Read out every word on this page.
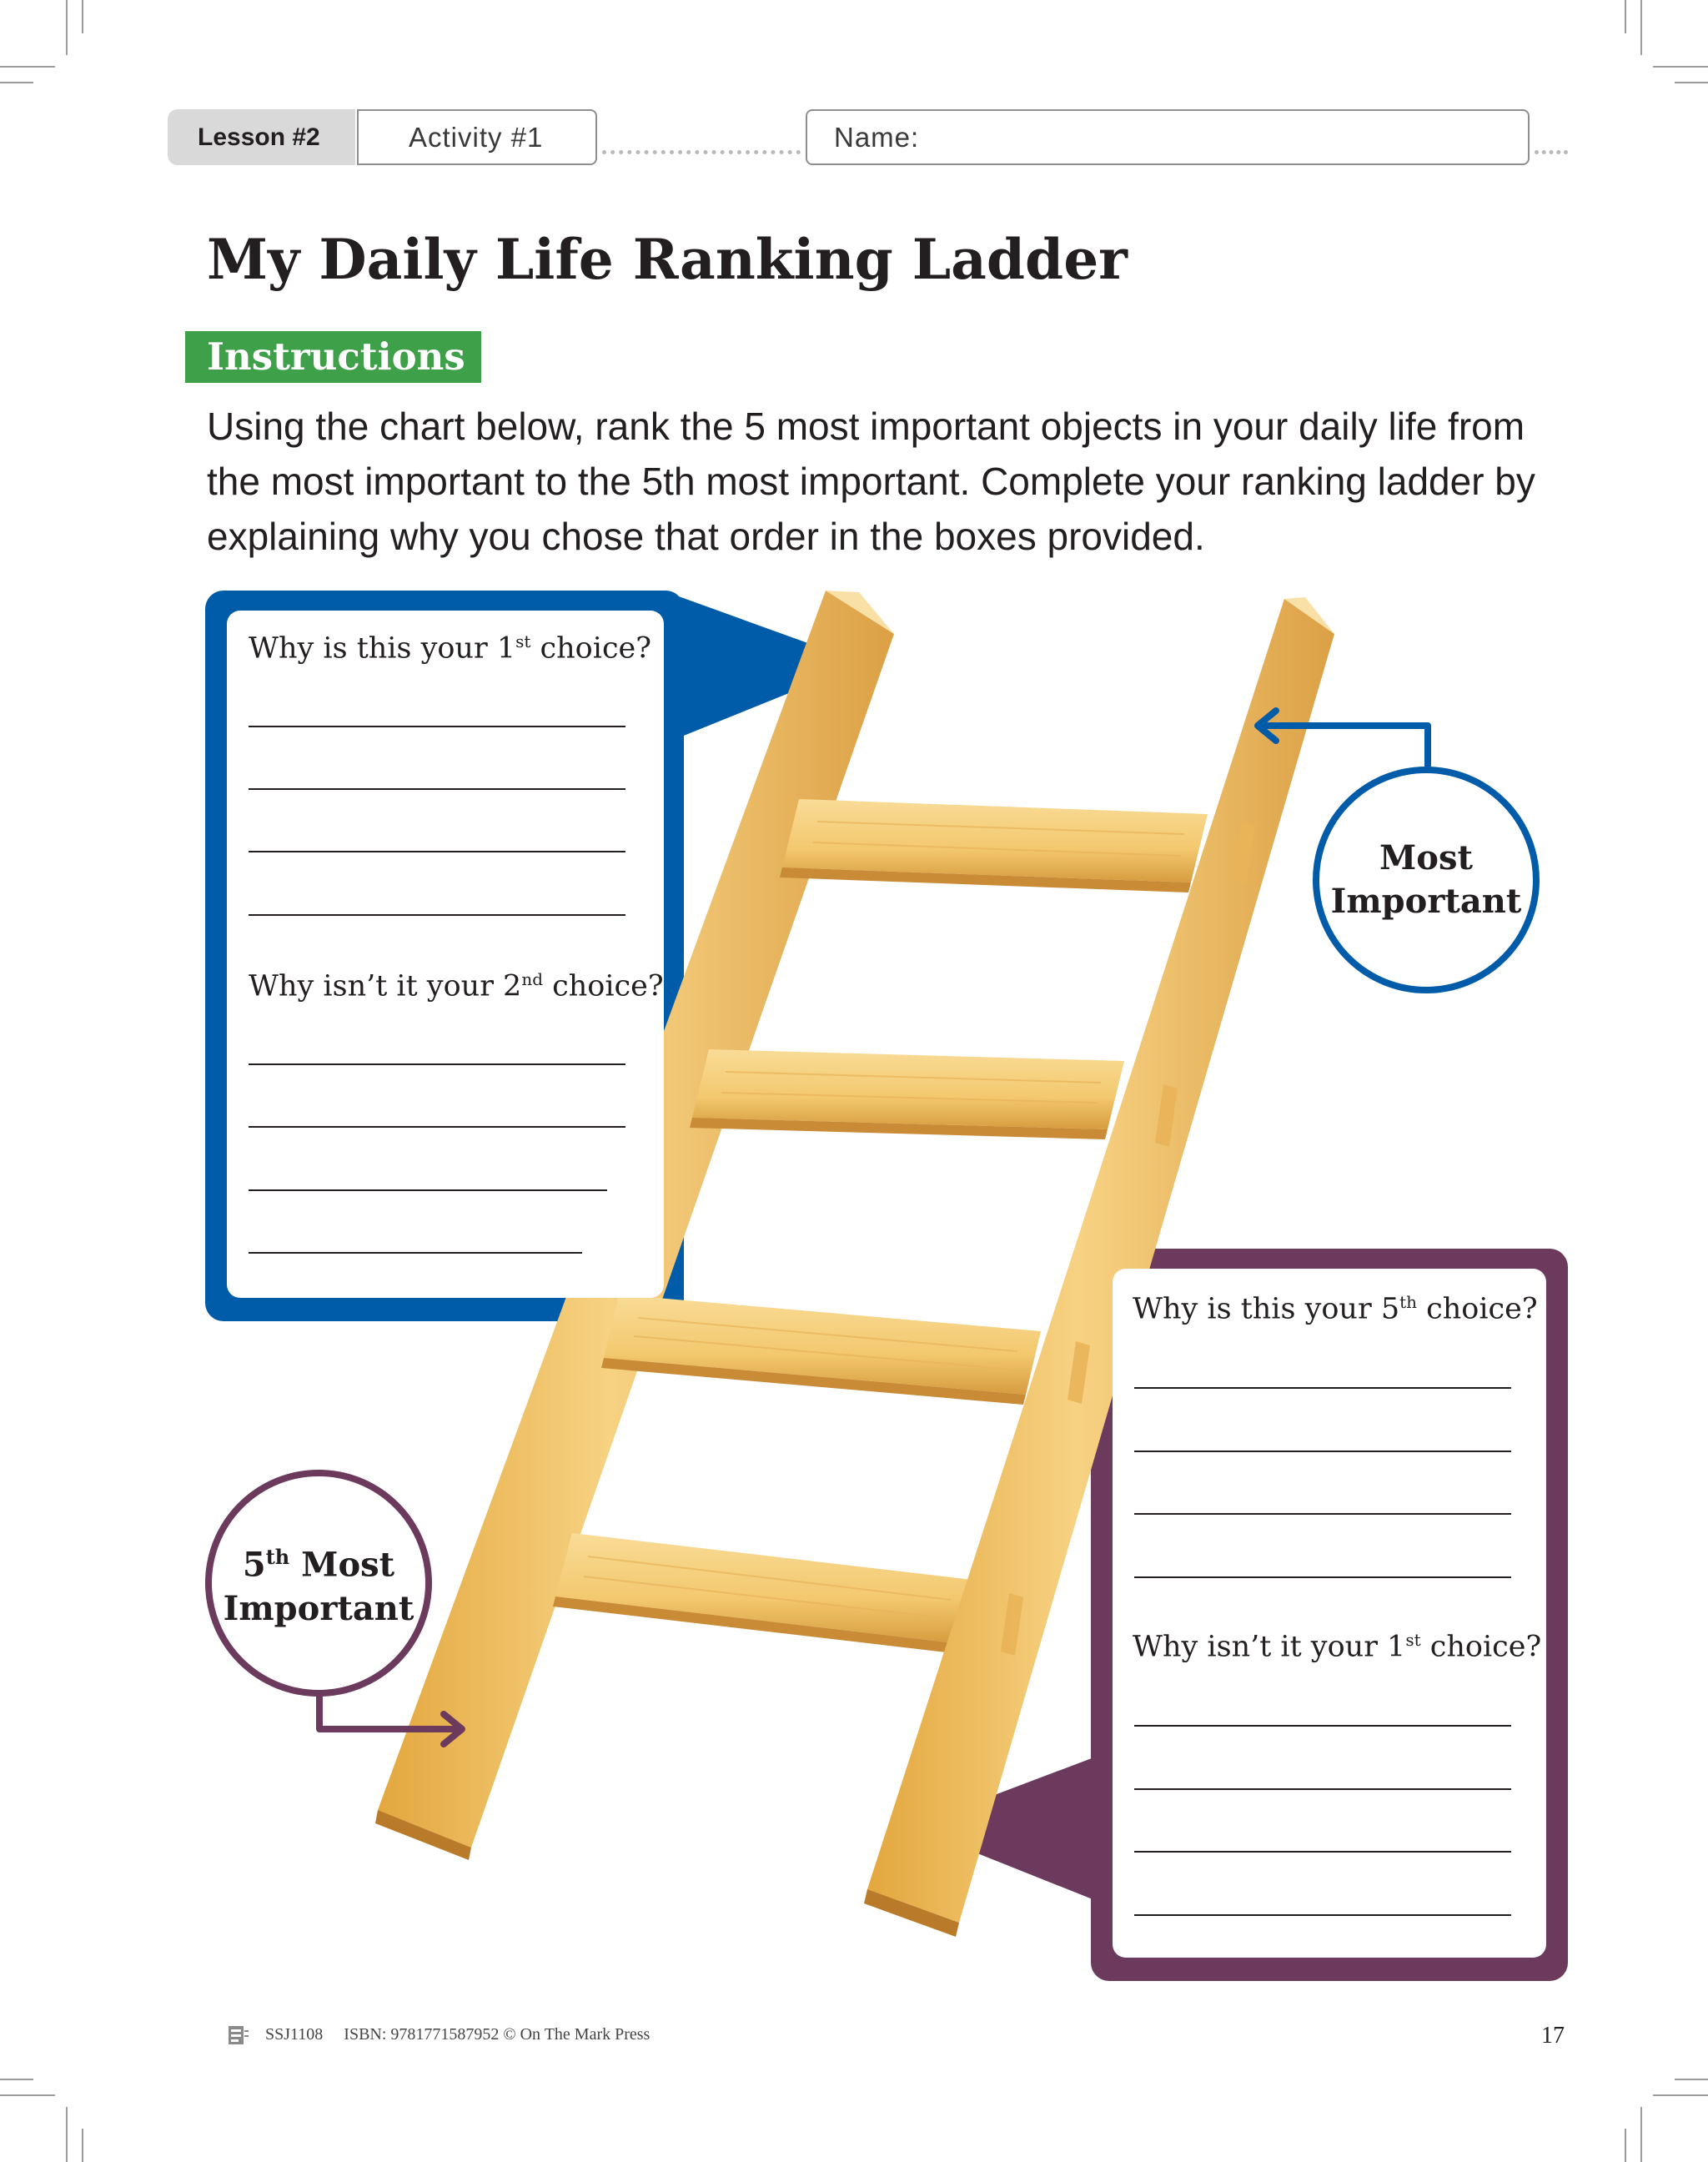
Lesson #2	Activity #1	Name:
My Daily Life Ranking Ladder
Instructions
Using the chart below, rank the 5 most important objects in your daily life from the most important to the 5th most important. Complete your ranking ladder by explaining why you chose that order in the boxes provided.
Why is this your 1st choice?
Why isn’t it your 2nd choice?
Why is this your 5th choice?
Why isn’t it your 1st choice?
Most
Important
5th Most
Important
SSJ1108 ISBN: 9781771587952 © On The Mark Press	17
